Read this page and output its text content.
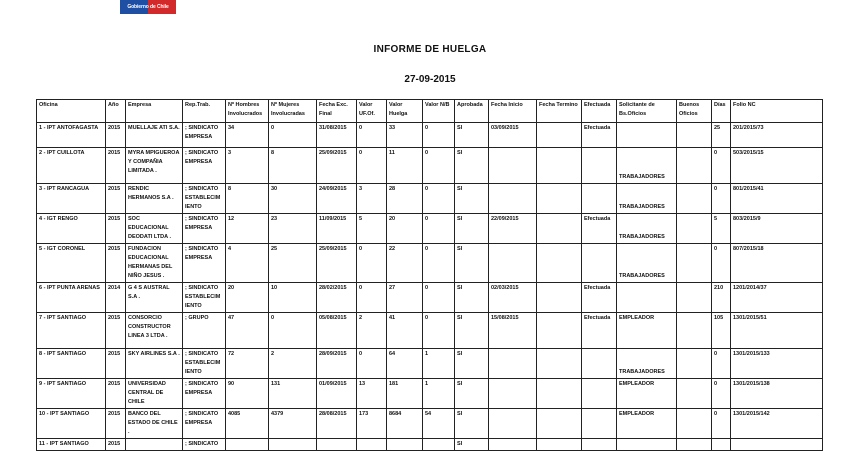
Gobierno de Chile
INFORME DE HUELGA
27-09-2015
Oficina	Año	Empresa	Rep.Trab.	Nº Hombres Involucrados	Nº Mujeres Involucradas	Fecha Exc. Final	Valor UF.Of.	Valor Huelga	Valor N/B	Aprobada	Fecha Inicio	Fecha Termino	Efectuada	Solicitante de Bs.Oficios	Buenos Oficios	Días	Folio NC
1 - IPT ANTOFAGASTA	2015	MUELLAJE ATI S.A.	; SINDICATO EMPRESA	34	0	31/08/2015	0	33	0	SI	03/09/2015		Efectuada			25	201/2015/73
2 - IPT CUILLOTA	2015	MYRA MPIGUEROA Y COMPAÑIA LIMITADA .	; SINDICATO EMPRESA	3	8	25/09/2015	0	11	0	SI				TRABAJADORES		0	503/2015/15
3 - IPT RANCAGUA	2015	RENDIC HERMANOS S.A .	; SINDICATO ESTABLECIM IENTO	8	30	24/09/2015	3	28	0	SI				TRABAJADORES		0	801/2015/41
4 - IGT RENGO	2015	SOC EDUCACIONAL DEODATI LTDA .	; SINDICATO EMPRESA	12	23	11/09/2015	5	20	0	SI	22/09/2015		Efectuada	TRABAJADORES		5	803/2015/9
5 - IGT CORONEL	2015	FUNDACION EDUCACIONAL HERMANAS DEL NIÑO JESUS .	; SINDICATO EMPRESA	4	25	25/09/2015	0	22	0	SI				TRABAJADORES		0	807/2015/18
6 - IPT PUNTA ARENAS	2014	G 4 S AUSTRAL S.A .	; SINDICATO ESTABLECIM IENTO	20	10	28/02/2015	0	27	0	SI	02/03/2015		Efectuada			210	1201/2014/37
7 - IPT SANTIAGO	2015	CONSORCIO CONSTRUCTOR LINEA 3 LTDA .	; GRUPO	47	0	05/08/2015	2	41	0	SI	15/08/2015		Efectuada	EMPLEADOR		105	1301/2015/51
8 - IPT SANTIAGO	2015	SKY AIRLINES S.A .	; SINDICATO ESTABLECIM IENTO	72	2	28/09/2015	0	64	1	SI				TRABAJADORES		0	1301/2015/133
9 - IPT SANTIAGO	2015	UNIVERSIDAD CENTRAL DE CHILE	; SINDICATO EMPRESA	90	131	01/09/2015	13	181	1	SI				EMPLEADOR		0	1301/2015/138
10 - IPT SANTIAGO	2015	BANCO DEL ESTADO DE CHILE .	; SINDICATO EMPRESA	4085	4379	28/08/2015	173	8684	54	SI				EMPLEADOR		0	1301/2015/142
11 - IPT SANTIAGO	2015		; SINDICATO							SI							
